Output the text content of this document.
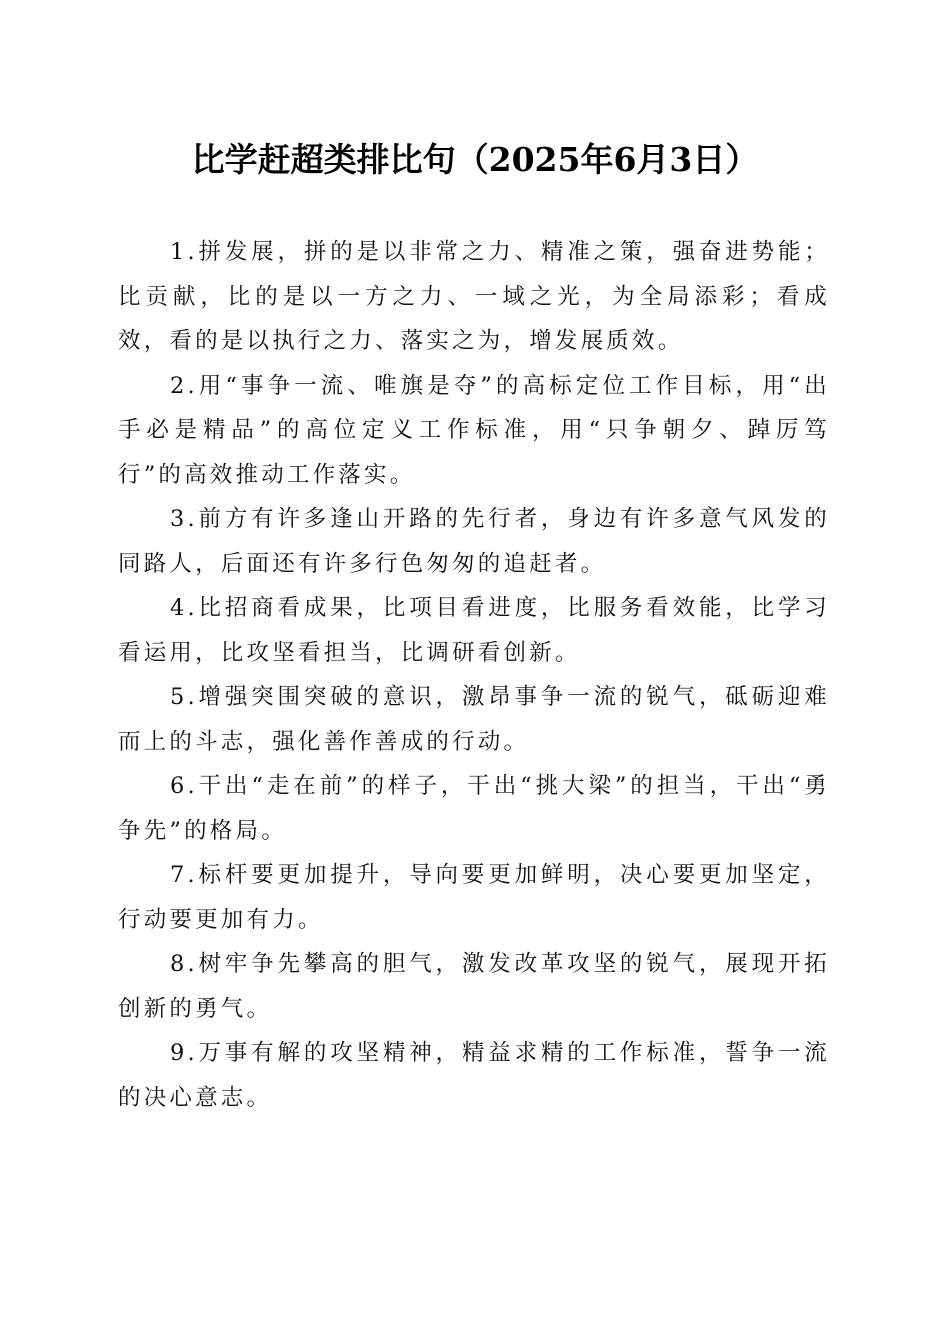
比学赶超类排比句（2025年6月3日）

1.拼发展，拼的是以非常之力、精准之策，强奋进势能；比贡献，比的是以一方之力、一域之光，为全局添彩；看成效，看的是以执行之力、落实之为，增发展质效。

2.用“事争一流、唯旗是夺”的高标定位工作目标，用“出手必是精品”的高位定义工作标准，用“只争朝夕、踔厉笃行”的高效推动工作落实。

3.前方有许多逢山开路的先行者，身边有许多意气风发的同路人，后面还有许多行色匆匆的追赶者。

4.比招商看成果，比项目看进度，比服务看效能，比学习看运用，比攻坚看担当，比调研看创新。

5.增强突围突破的意识，激昂事争一流的锐气，砥砺迎难而上的斗志，强化善作善成的行动。

6.干出“走在前”的样子，干出“挑大梁”的担当，干出“勇争先”的格局。

7.标杆要更加提升，导向要更加鲜明，决心要更加坚定，行动要更加有力。

8.树牢争先攀高的胆气，激发改革攻坚的锐气，展现开拓创新的勇气。

9.万事有解的攻坚精神，精益求精的工作标准，誓争一流的决心意志。
